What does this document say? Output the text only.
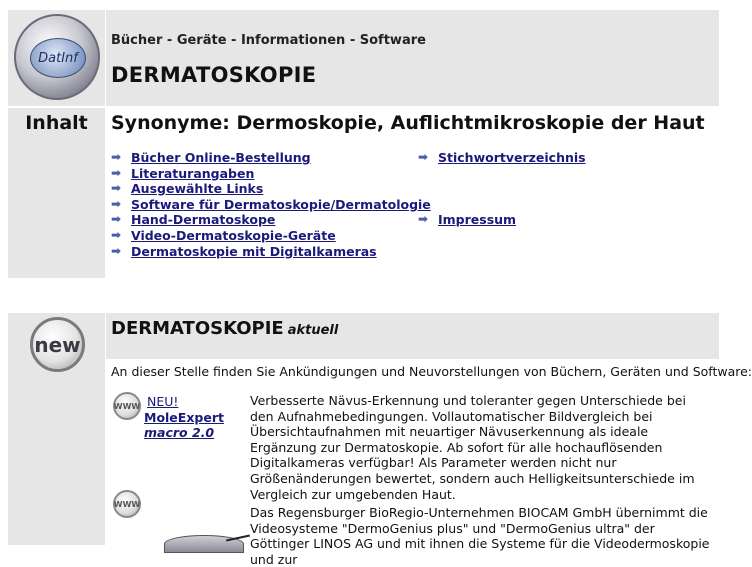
DatInf
Bücher - Geräte - Informationen - Software
DERMATOSKOPIE
Inhalt	Synonyme: Dermoskopie, Auflichtmikroskopie der Haut
➡ Bücher Online-Bestellung
➡ Literaturangaben
➡ Ausgewählte Links
➡ Software für Dermatoskopie/Dermatologie
➡ Hand-Dermatoskope
➡ Video-Dermatoskopie-Geräte
➡ Dermatoskopie mit Digitalkameras
➡ Stichwortverzeichnis
➡ Impressum
new
DERMATOSKOPIE aktuell
An dieser Stelle finden Sie Ankündigungen und Neuvorstellungen von Büchern, Geräten und Software:
WWW NEU!
MoleExpert
macro 2.0
Verbesserte Nävus-Erkennung und toleranter gegen Unterschiede bei den Aufnahmebedingungen. Vollautomatischer Bildvergleich bei Übersichtaufnahmen mit neuartiger Nävuserkennung als ideale Ergänzung zur Dermatoskopie. Ab sofort für alle hochauflösenden Digitalkameras verfügbar! Als Parameter werden nicht nur Größenänderungen bewertet, sondern auch Helligkeitsunterschiede im Vergleich zur umgebenden Haut.
WWW
Das Regensburger BioRegio-Unternehmen BIOCAM GmbH übernimmt die Videosysteme "DermoGenius plus" und "DermoGenius ultra" der Göttinger LINOS AG und mit ihnen die Systeme für die Videodermoskopie und zur
